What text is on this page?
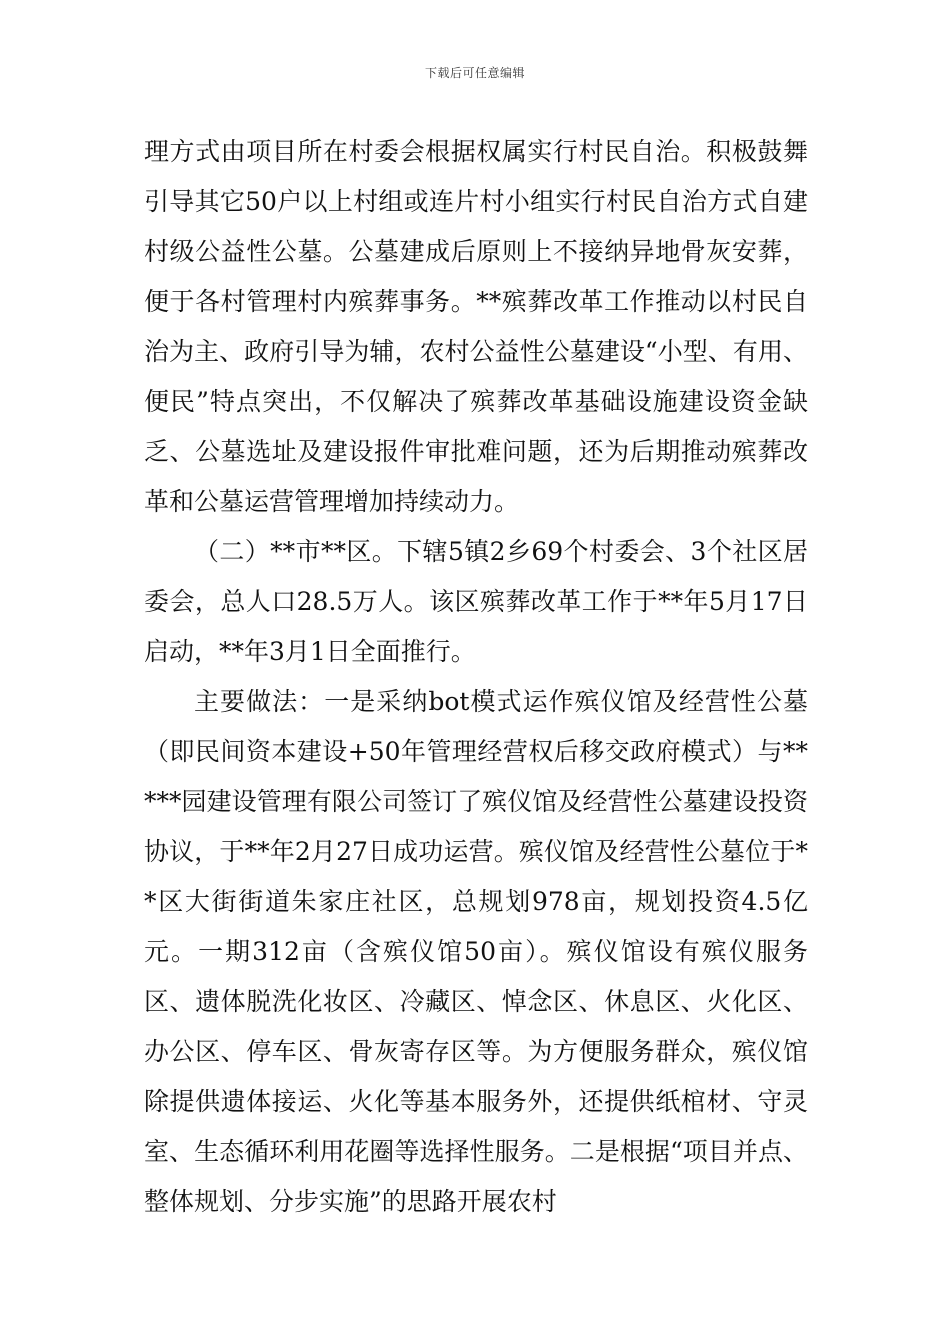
下载后可任意编辑

理方式由项目所在村委会根据权属实行村民自治。积极鼓舞引导其它50户以上村组或连片村小组实行村民自治方式自建村级公益性公墓。公墓建成后原则上不接纳异地骨灰安葬，便于各村管理村内殡葬事务。**殡葬改革工作推动以村民自治为主、政府引导为辅，农村公益性公墓建设“小型、有用、便民”特点突出，不仅解决了殡葬改革基础设施建设资金缺乏、公墓选址及建设报件审批难问题，还为后期推动殡葬改革和公墓运营管理增加持续动力。

（二）**市**区。下辖5镇2乡69个村委会、3个社区居委会，总人口28.5万人。该区殡葬改革工作于**年5月17日启动，**年3月1日全面推行。

主要做法：一是采纳bot模式运作殡仪馆及经营性公墓（即民间资本建设+50年管理经营权后移交政府模式）与*****园建设管理有限公司签订了殡仪馆及经营性公墓建设投资协议，于**年2月27日成功运营。殡仪馆及经营性公墓位于**区大街街道朱家庄社区，总规划978亩，规划投资4.5亿元。一期312亩（含殡仪馆50亩）。殡仪馆设有殡仪服务区、遗体脱洗化妆区、冷藏区、悼念区、休息区、火化区、办公区、停车区、骨灰寄存区等。为方便服务群众，殡仪馆除提供遗体接运、火化等基本服务外，还提供纸棺材、守灵室、生态循环利用花圈等选择性服务。二是根据“项目并点、整体规划、分步实施”的思路开展农村
